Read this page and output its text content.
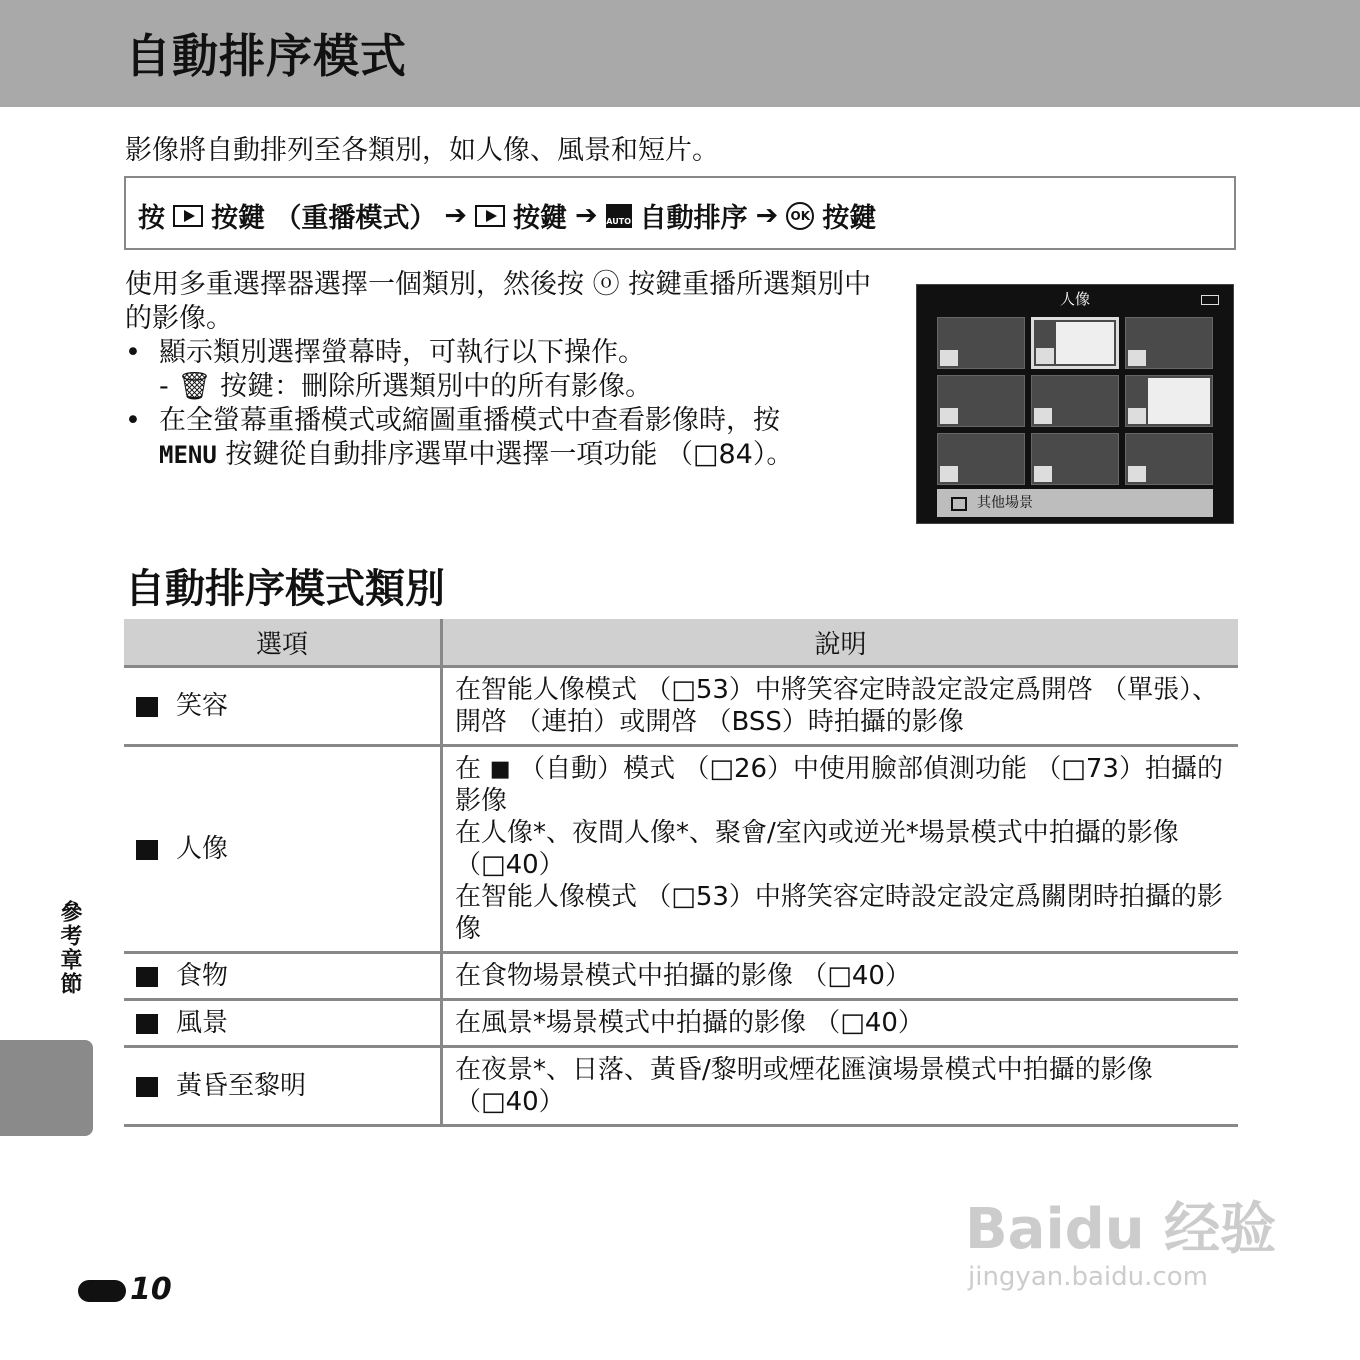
自動排序模式
影像將自動排列至各類別，如人像、風景和短片。
按 按鍵 （重播模式） ➔ 按鍵 ➔ AUTO 自動排序 ➔	OK 按鍵

使用多重選擇器選擇一個類別，然後按 ⓞ 按鍵重播所選類別中的影像。

• 顯示類別選擇螢幕時，可執行以下操作。

- 🗑 按鍵：刪除所選類別中的所有影像。

• 在全螢幕重播模式或縮圖重播模式中查看影像時，按
MENU 按鍵從自動排序選單中選擇一項功能 （□84）。

人像
其他場景
自動排序模式類別
選項	說明
笑容	在智能人像模式 （□53）中將笑容定時設定設定爲開啓 （單張）、開啓 （連拍）或開啓 （BSS）時拍攝的影像
人像	在 ◼ （自動）模式 （□26）中使用臉部偵測功能 （□73）拍攝的影像
在人像*、夜間人像*、聚會/室內或逆光*場景模式中拍攝的影像（□40）
在智能人像模式 （□53）中將笑容定時設定設定爲關閉時拍攝的影像
食物	在食物場景模式中拍攝的影像 （□40）
風景	在風景*場景模式中拍攝的影像 （□40）
黃昏至黎明	在夜景*、日落、黃昏/黎明或煙花匯演場景模式中拍攝的影像（□40）
參考章節
10
Baidu 经验
jingyan.baidu.com
